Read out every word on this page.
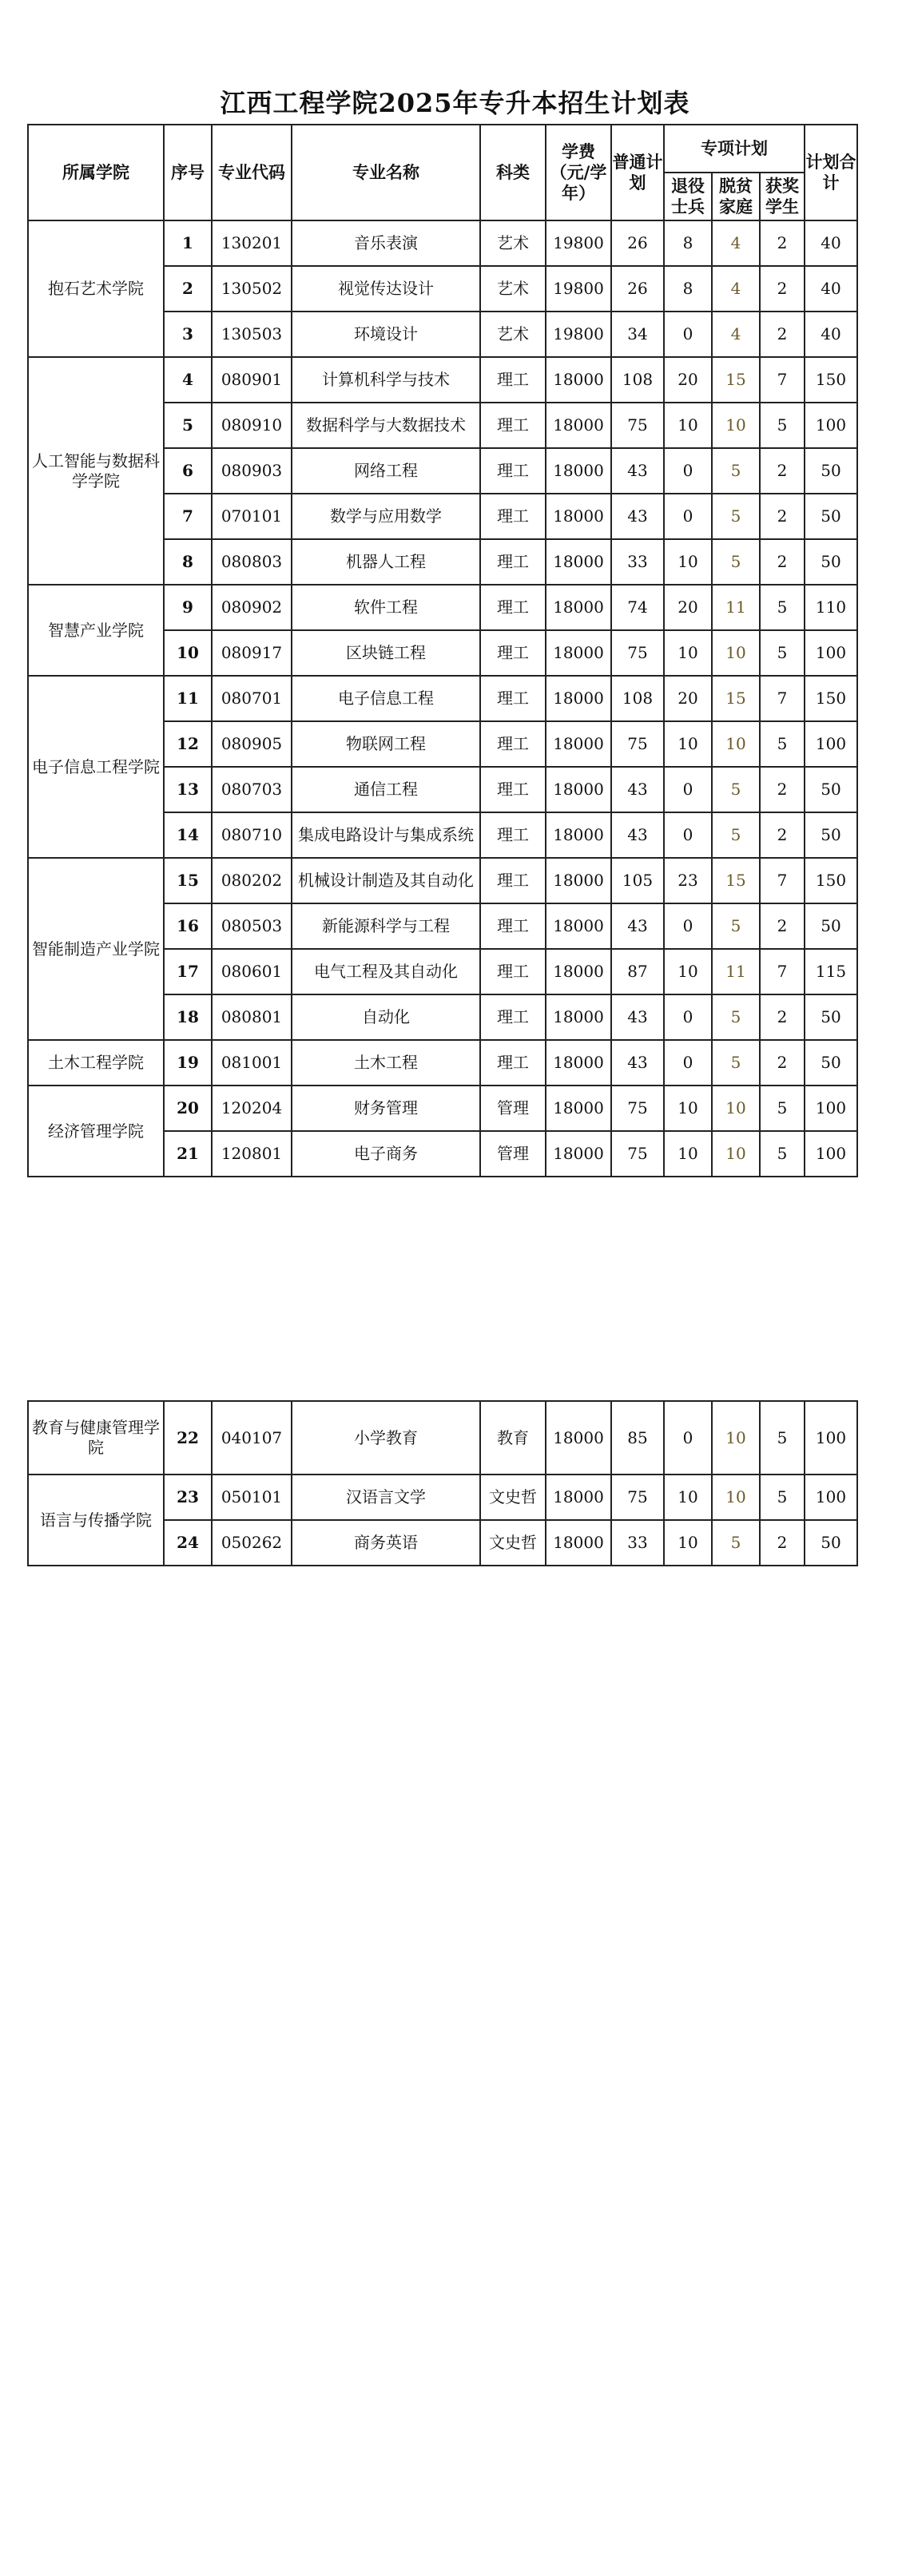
江西工程学院2025年专升本招生计划表
所属学院	序号	专业代码	专业名称	科类	学费（元/学年）	普通计划	专项计划			计划合计
							退役士兵	脱贫家庭	获奖学生	
抱石艺术学院	1	130201	音乐表演	艺术	19800	26	8	4	2	40
	2	130502	视觉传达设计	艺术	19800	26	8	4	2	40
	3	130503	环境设计	艺术	19800	34	0	4	2	40
人工智能与数据科学学院	4	080901	计算机科学与技术	理工	18000	108	20	15	7	150
	5	080910	数据科学与大数据技术	理工	18000	75	10	10	5	100
	6	080903	网络工程	理工	18000	43	0	5	2	50
	7	070101	数学与应用数学	理工	18000	43	0	5	2	50
	8	080803	机器人工程	理工	18000	33	10	5	2	50
智慧产业学院	9	080902	软件工程	理工	18000	74	20	11	5	110
	10	080917	区块链工程	理工	18000	75	10	10	5	100
电子信息工程学院	11	080701	电子信息工程	理工	18000	108	20	15	7	150
	12	080905	物联网工程	理工	18000	75	10	10	5	100
	13	080703	通信工程	理工	18000	43	0	5	2	50
	14	080710	集成电路设计与集成系统	理工	18000	43	0	5	2	50
智能制造产业学院	15	080202	机械设计制造及其自动化	理工	18000	105	23	15	7	150
	16	080503	新能源科学与工程	理工	18000	43	0	5	2	50
	17	080601	电气工程及其自动化	理工	18000	87	10	11	7	115
	18	080801	自动化	理工	18000	43	0	5	2	50
土木工程学院	19	081001	土木工程	理工	18000	43	0	5	2	50
经济管理学院	20	120204	财务管理	管理	18000	75	10	10	5	100
	21	120801	电子商务	管理	18000	75	10	10	5	100
教育与健康管理学院	22	040107	小学教育	教育	18000	85	0	10	5	100
语言与传播学院	23	050101	汉语言文学	文史哲	18000	75	10	10	5	100
	24	050262	商务英语	文史哲	18000	33	10	5	2	50
